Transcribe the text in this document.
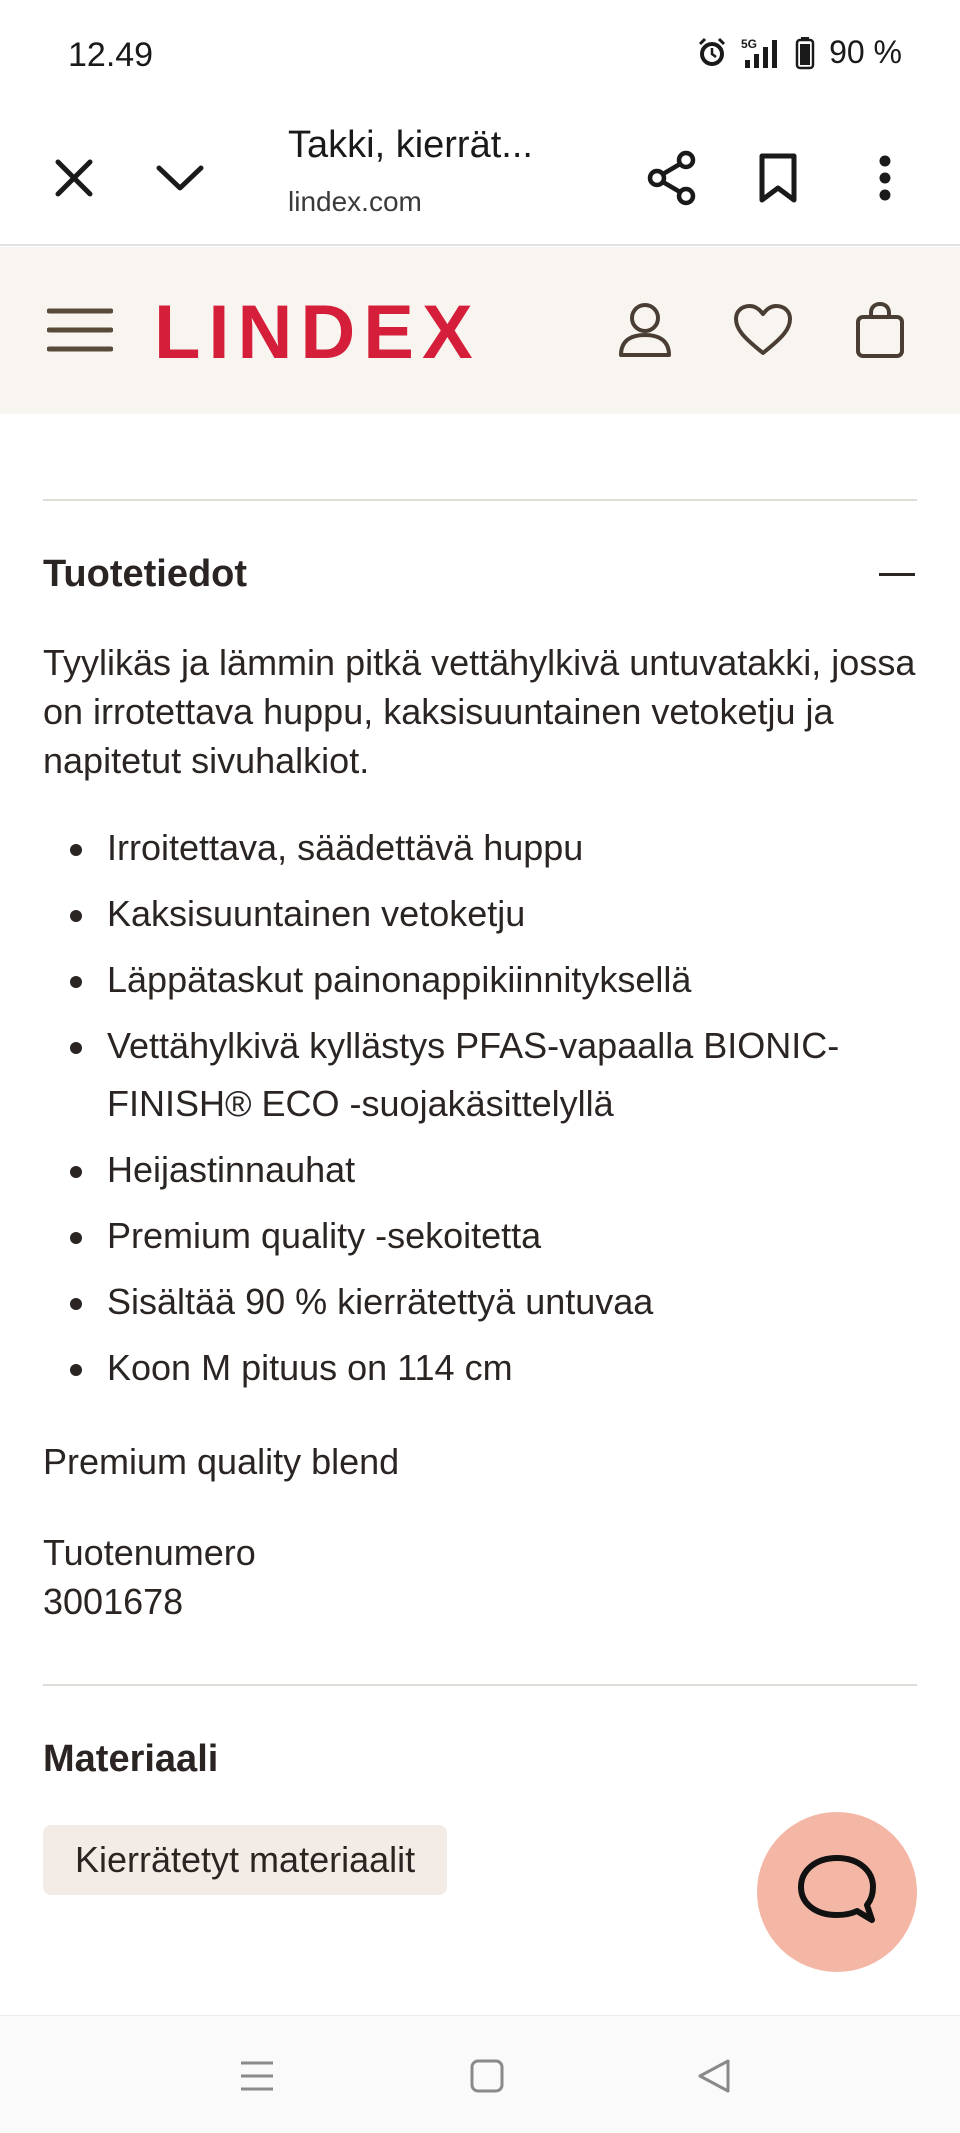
12.49	5G 90 %
Takki, kierrät...
lindex.com
LINDEX
Tuotetiedot
Tyylikäs ja lämmin pitkä vettähylkivä untuvatakki, jossa on irrotettava huppu, kaksisuuntainen vetoketju ja napitetut sivuhalkiot.
Irroitettava, säädettävä huppu
Kaksisuuntainen vetoketju
Läppätaskut painonappikiinnityksellä
Vettähylkivä kyllästys PFAS-vapaalla BIONIC-FINISH® ECO -suojakäsittelyllä
Heijastinnauhat
Premium quality -sekoitetta
Sisältää 90 % kierrätettyä untuvaa
Koon M pituus on 114 cm
Premium quality blend
Tuotenumero
3001678
Materiaali
Kierrätetyt materiaalit
